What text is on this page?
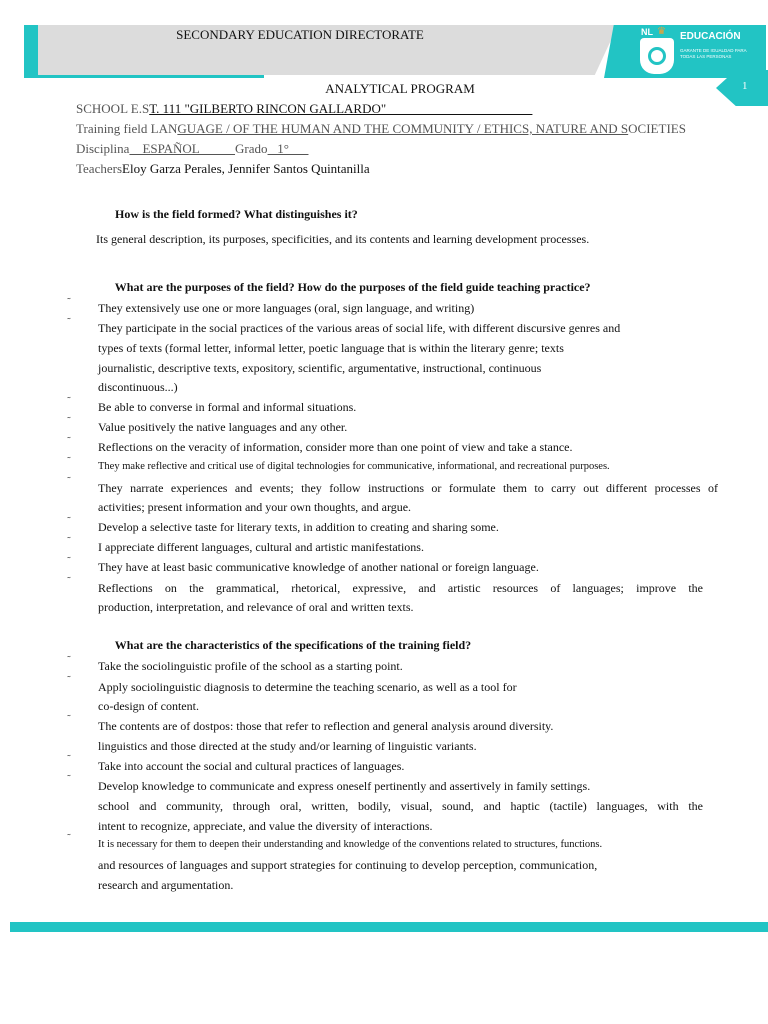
SECONDARY EDUCATION DIRECTORATE	NL ♛ EDUCACIÓN
GARANTE DE IGUALDAD PARA TODAS LAS PERSONAS
1
ANALYTICAL PROGRAM
SCHOOL E.ST. 111 "GILBERTO RINCON GALLARDO"
Training field LANGUAGE / OF THE HUMAN AND THE COMMUNITY / ETHICS, NATURE AND SOCIETIES
Disciplina    ESPAÑOL           Grado   1°
TeachersEloy Garza Perales, Jennifer Santos Quintanilla
How is the field formed? What distinguishes it?
Its general description, its purposes, specificities, and its contents and learning development processes.
What are the purposes of the field? How do the purposes of the field guide teaching practice?
˜
˜
˜
˜
˜
˜
˜
˜
˜
˜
˜
They extensively use one or more languages (oral, sign language, and writing)
They participate in the social practices of the various areas of social life, with different discursive genres and
types of texts (formal letter, informal letter, poetic language that is within the literary genre; texts
journalistic, descriptive texts, expository, scientific, argumentative, instructional, continuous
discontinuous...)
Be able to converse in formal and informal situations.
Value positively the native languages and any other.
Reflections on the veracity of information, consider more than one point of view and take a stance.
They make reflective and critical use of digital technologies for communicative, informational, and recreational purposes.
They narrate experiences and events; they follow instructions or formulate them to carry out different processes of
activities; present information and your own thoughts, and argue.
Develop a selective taste for literary texts, in addition to creating and sharing some.
I appreciate different languages, cultural and artistic manifestations.
They have at least basic communicative knowledge of another national or foreign language.
Reflections on the grammatical, rhetorical, expressive, and artistic resources of languages; improve the
production, interpretation, and relevance of oral and written texts.
What are the characteristics of the specifications of the training field?
˜
˜
˜
˜
˜
˜
Take the sociolinguistic profile of the school as a starting point.
Apply sociolinguistic diagnosis to determine the teaching scenario, as well as a tool for
co-design of content.
The contents are of dostpos: those that refer to reflection and general analysis around diversity.
linguistics and those directed at the study and/or learning of linguistic variants.
Take into account the social and cultural practices of languages.
Develop knowledge to communicate and express oneself pertinently and assertively in family settings.
school and community, through oral, written, bodily, visual, sound, and haptic (tactile) languages, with the
intent to recognize, appreciate, and value the diversity of interactions.
It is necessary for them to deepen their understanding and knowledge of the conventions related to structures, functions.
and resources of languages and support strategies for continuing to develop perception, communication,
research and argumentation.
